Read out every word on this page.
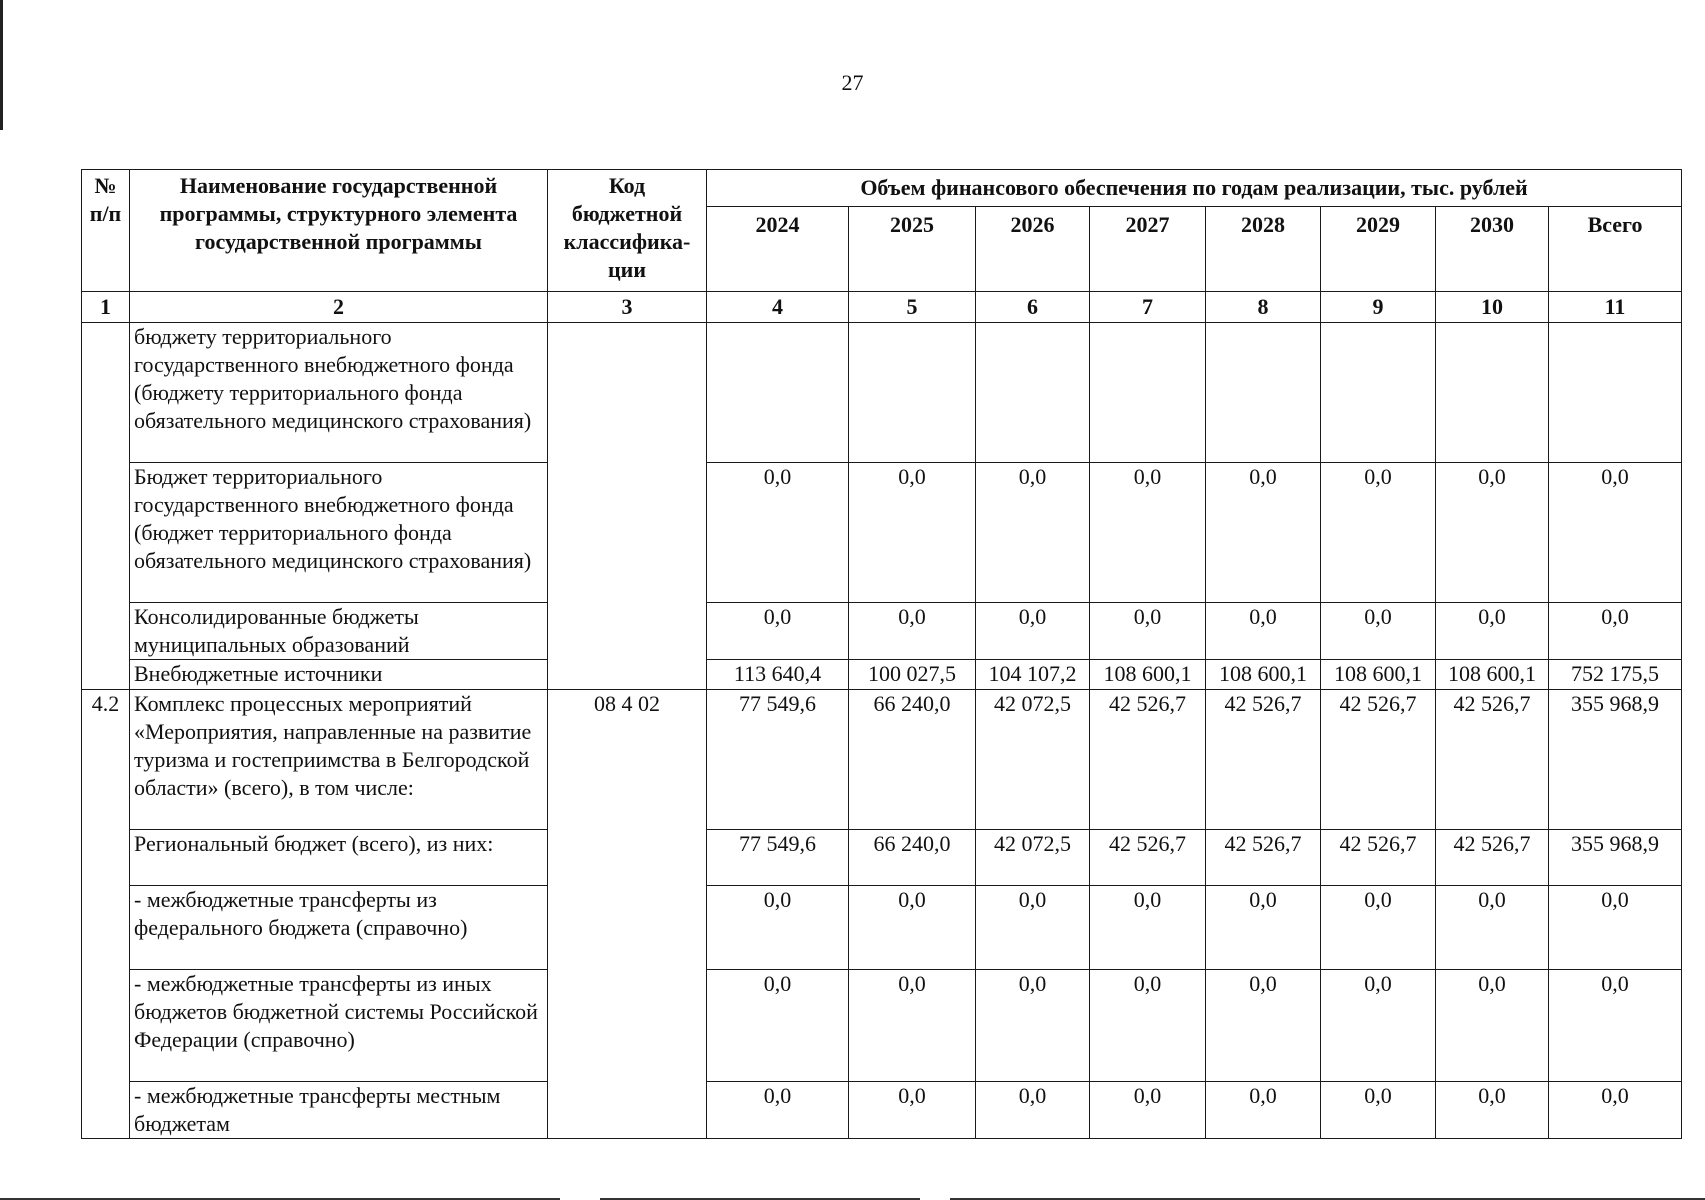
27
№ п/п	Наименование государственной программы, структурного элемента государственной программы	Код бюджетной классифика-ции	Объем финансового обеспечения по годам реализации, тыс. рублей							
			2024	2025	2026	2027	2028	2029	2030	Всего
1	2	3	4	5	6	7	8	9	10	11
	бюджету территориального государственного внебюджетного фонда (бюджету территориального фонда обязательного медицинского страхования)									
	Бюджет территориального государственного внебюджетного фонда (бюджет территориального фонда обязательного медицинского страхования)		0,0	0,0	0,0	0,0	0,0	0,0	0,0	0,0
	Консолидированные бюджеты муниципальных образований		0,0	0,0	0,0	0,0	0,0	0,0	0,0	0,0
	Внебюджетные источники		113 640,4	100 027,5	104 107,2	108 600,1	108 600,1	108 600,1	108 600,1	752 175,5
4.2	Комплекс процессных мероприятий «Мероприятия, направленные на развитие туризма и гостеприимства в Белгородской области» (всего), в том числе:	08 4 02	77 549,6	66 240,0	42 072,5	42 526,7	42 526,7	42 526,7	42 526,7	355 968,9
	Региональный бюджет (всего), из них:		77 549,6	66 240,0	42 072,5	42 526,7	42 526,7	42 526,7	42 526,7	355 968,9
	- межбюджетные трансферты из федерального бюджета (справочно)		0,0	0,0	0,0	0,0	0,0	0,0	0,0	0,0
	- межбюджетные трансферты из иных бюджетов бюджетной системы Российской Федерации (справочно)		0,0	0,0	0,0	0,0	0,0	0,0	0,0	0,0
	- межбюджетные трансферты местным бюджетам		0,0	0,0	0,0	0,0	0,0	0,0	0,0	0,0
